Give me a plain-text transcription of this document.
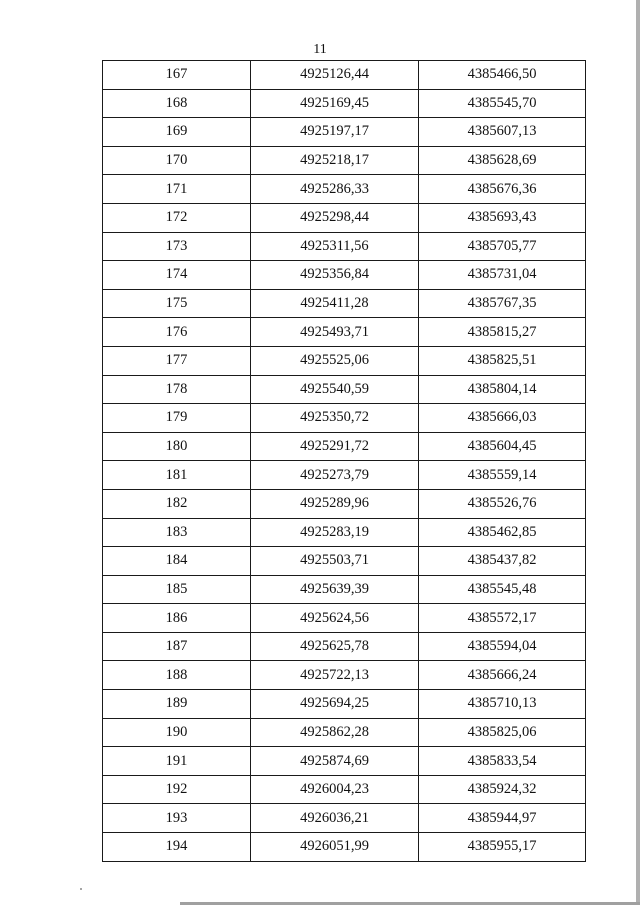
11
167	4925126,44	4385466,50
168	4925169,45	4385545,70
169	4925197,17	4385607,13
170	4925218,17	4385628,69
171	4925286,33	4385676,36
172	4925298,44	4385693,43
173	4925311,56	4385705,77
174	4925356,84	4385731,04
175	4925411,28	4385767,35
176	4925493,71	4385815,27
177	4925525,06	4385825,51
178	4925540,59	4385804,14
179	4925350,72	4385666,03
180	4925291,72	4385604,45
181	4925273,79	4385559,14
182	4925289,96	4385526,76
183	4925283,19	4385462,85
184	4925503,71	4385437,82
185	4925639,39	4385545,48
186	4925624,56	4385572,17
187	4925625,78	4385594,04
188	4925722,13	4385666,24
189	4925694,25	4385710,13
190	4925862,28	4385825,06
191	4925874,69	4385833,54
192	4926004,23	4385924,32
193	4926036,21	4385944,97
194	4926051,99	4385955,17
